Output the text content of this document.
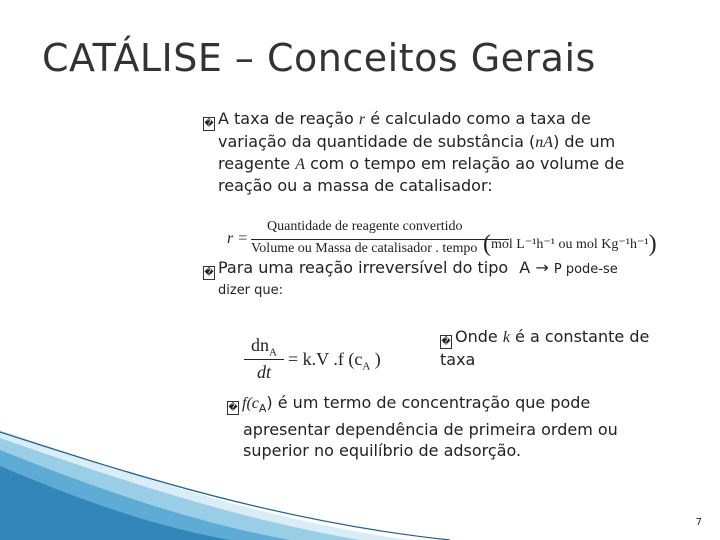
CATÁLISE – Conceitos Gerais
� A taxa de reação r é calculado como a taxa de
variação da quantidade de substância (nA) de um
reagente A com o tempo em relação ao volume de
reação ou a massa de catalisador:
r =
Quantidade de reagente convertido
Volume ou Massa de catalisador . tempo (mol L⁻¹h⁻¹ ou mol Kg⁻¹h⁻¹)
� Para uma reação irreversível do tipo A → P pode-se
dizer que:
$dn_A$
dt
= k.V .f ($c_A$ )
� Onde k é a constante de
taxa
� $f(c_A)$ é um termo de concentração que pode
apresentar dependência de primeira ordem ou
superior no equilíbrio de adsorção.
7
